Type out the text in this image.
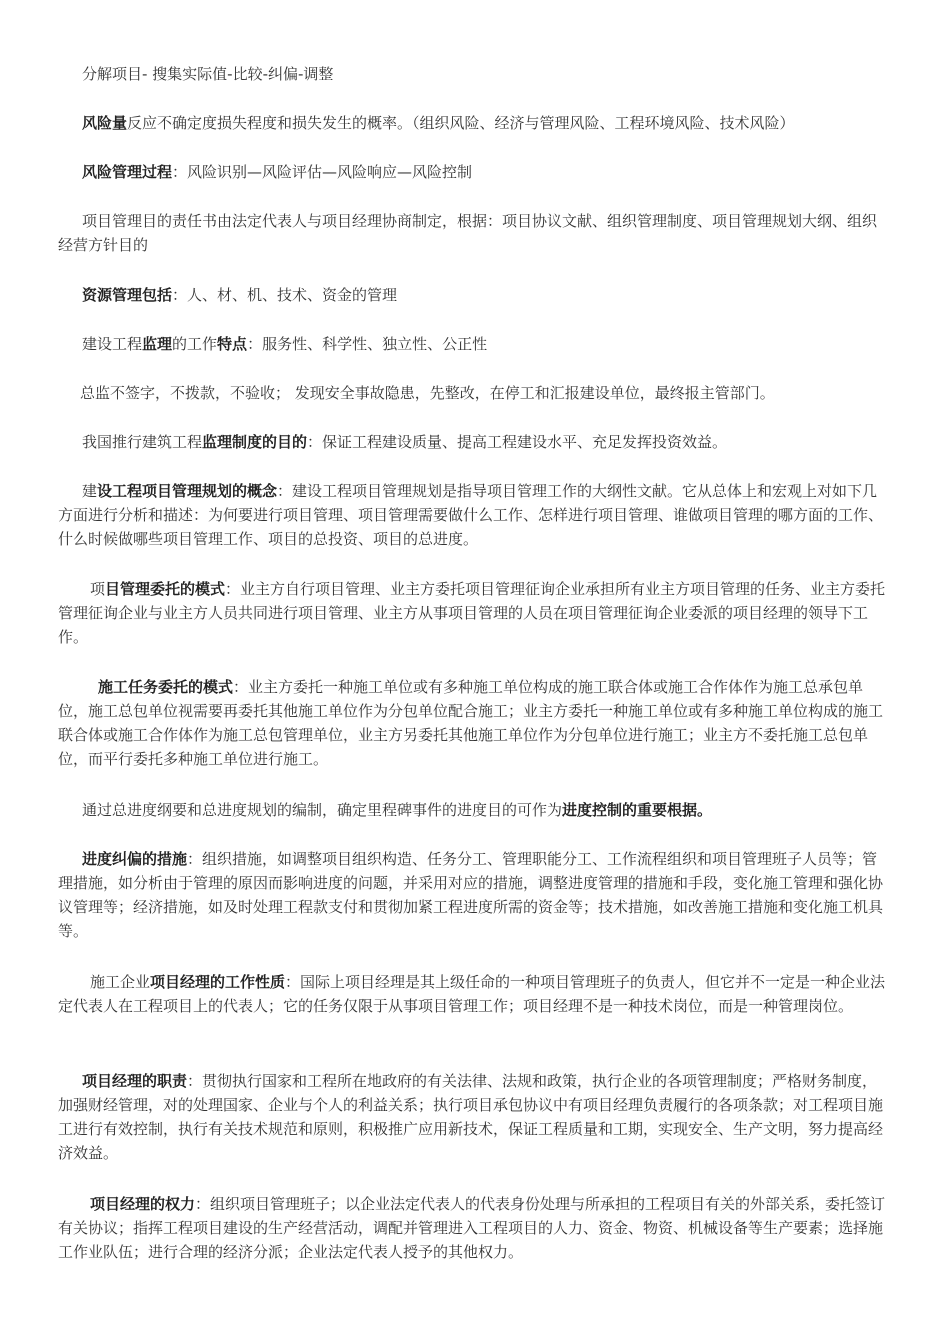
分解项目- 搜集实际值-比较-纠偏-调整

风险量反应不确定度损失程度和损失发生的概率。（组织风险、经济与管理风险、工程环境风险、技术风险）

风险管理过程：风险识别—风险评估—风险响应—风险控制

项目管理目的责任书由法定代表人与项目经理协商制定，根据：项目协议文献、组织管理制度、项目管理规划大纲、组织经营方针目的

资源管理包括：人、材、机、技术、资金的管理

建设工程监理的工作特点：服务性、科学性、独立性、公正性

总监不签字，不拨款，不验收； 发现安全事故隐患，先整改，在停工和汇报建设单位，最终报主管部门。

我国推行建筑工程监理制度的目的：保证工程建设质量、提高工程建设水平、充足发挥投资效益。

建设工程项目管理规划的概念：建设工程项目管理规划是指导项目管理工作的大纲性文献。它从总体上和宏观上对如下几方面进行分析和描述：为何要进行项目管理、项目管理需要做什么工作、怎样进行项目管理、谁做项目管理的哪方面的工作、什么时候做哪些项目管理工作、项目的总投资、项目的总进度。

项目管理委托的模式：业主方自行项目管理、业主方委托项目管理征询企业承担所有业主方项目管理的任务、业主方委托管理征询企业与业主方人员共同进行项目管理、业主方从事项目管理的人员在项目管理征询企业委派的项目经理的领导下工作。

施工任务委托的模式：业主方委托一种施工单位或有多种施工单位构成的施工联合体或施工合作体作为施工总承包单位，施工总包单位视需要再委托其他施工单位作为分包单位配合施工；业主方委托一种施工单位或有多种施工单位构成的施工联合体或施工合作体作为施工总包管理单位，业主方另委托其他施工单位作为分包单位进行施工；业主方不委托施工总包单位，而平行委托多种施工单位进行施工。

通过总进度纲要和总进度规划的编制，确定里程碑事件的进度目的可作为进度控制的重要根据。

进度纠偏的措施：组织措施，如调整项目组织构造、任务分工、管理职能分工、工作流程组织和项目管理班子人员等；管理措施，如分析由于管理的原因而影响进度的问题，并采用对应的措施，调整进度管理的措施和手段，变化施工管理和强化协议管理等；经济措施，如及时处理工程款支付和贯彻加紧工程进度所需的资金等；技术措施，如改善施工措施和变化施工机具等。

施工企业项目经理的工作性质：国际上项目经理是其上级任命的一种项目管理班子的负责人，但它并不一定是一种企业法定代表人在工程项目上的代表人；它的任务仅限于从事项目管理工作；项目经理不是一种技术岗位，而是一种管理岗位。

项目经理的职责：贯彻执行国家和工程所在地政府的有关法律、法规和政策，执行企业的各项管理制度；严格财务制度，加强财经管理，对的处理国家、企业与个人的利益关系；执行项目承包协议中有项目经理负责履行的各项条款；对工程项目施工进行有效控制，执行有关技术规范和原则，积极推广应用新技术，保证工程质量和工期，实现安全、生产文明，努力提高经济效益。

项目经理的权力：组织项目管理班子；以企业法定代表人的代表身份处理与所承担的工程项目有关的外部关系，委托签订有关协议；指挥工程项目建设的生产经营活动，调配并管理进入工程项目的人力、资金、物资、机械设备等生产要素；选择施工作业队伍；进行合理的经济分派；企业法定代表人授予的其他权力。
